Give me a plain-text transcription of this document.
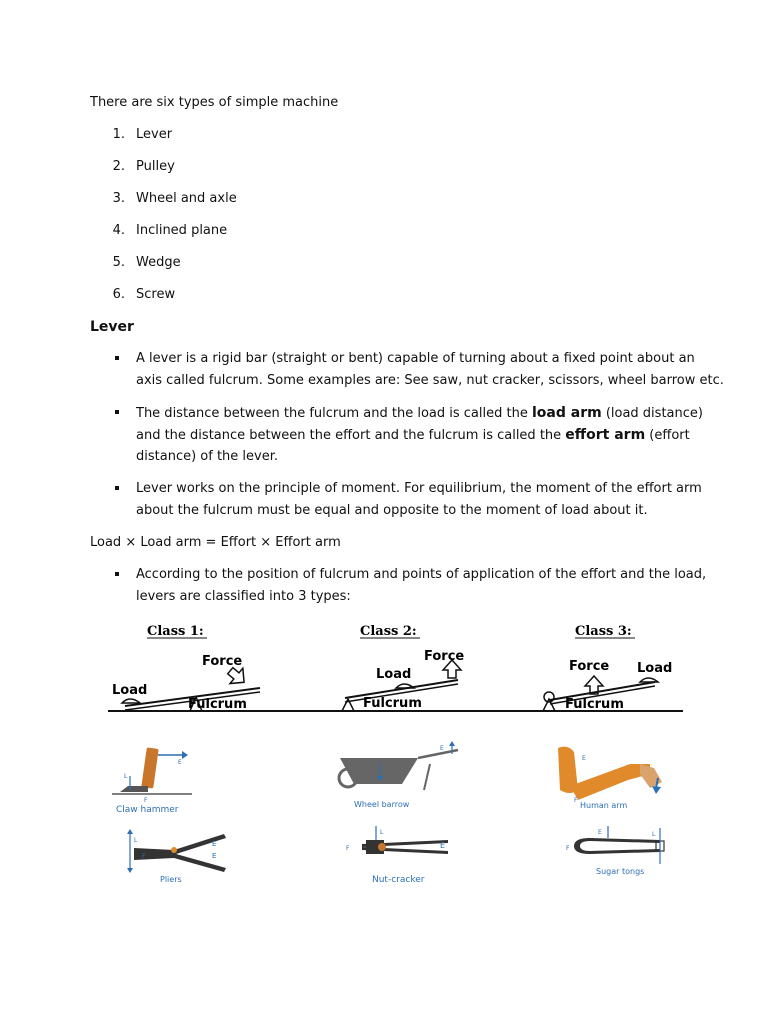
There are six types of simple machine
1. Lever
2. Pulley
3. Wheel and axle
4. Inclined plane
5. Wedge
6. Screw
Lever
A lever is a rigid bar (straight or bent) capable of turning about a fixed point about an
axis called fulcrum. Some examples are: See saw, nut cracker, scissors, wheel barrow etc.
The distance between the fulcrum and the load is called the load arm (load distance)
and the distance between the effort and the fulcrum is called the effort arm (effort
distance) of the lever.
Lever works on the principle of moment. For equilibrium, the moment of the effort arm
about the fulcrum must be equal and opposite to the moment of load about it.
Load × Load arm = Effort × Effort arm
According to the position of fulcrum and points of application of the effort and the load,
levers are classified into 3 types:
Class 1:	Class 2:	Class 3:
Load
Force
Fulcrum
Load
Force
Fulcrum
Force Load
Fulcrum
E
L
F
Claw hammer
E
Wheel barrow
E
F
Human arm
L
F
E
E
Pliers
F
L
E
Nut-cracker
F
E	L
Sugar tongs
